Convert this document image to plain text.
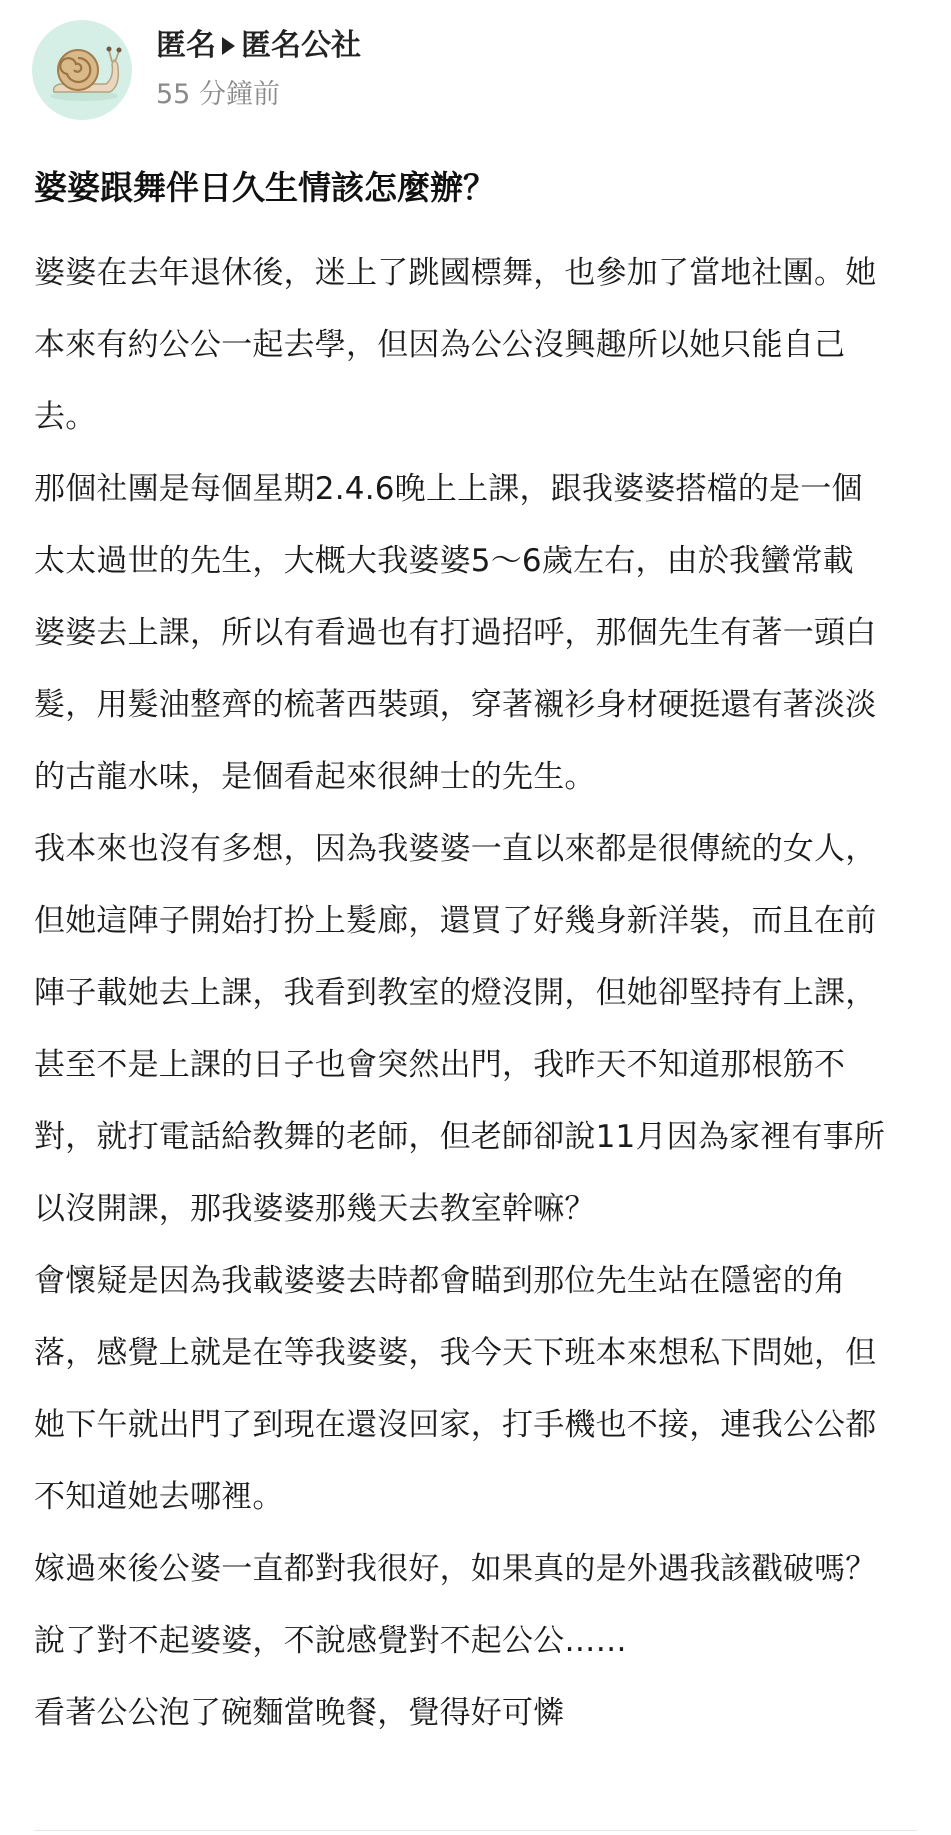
匿名 匿名公社
55 分鐘前
婆婆跟舞伴日久生情該怎麼辦？

婆婆在去年退休後，迷上了跳國標舞，也參加了當地社團。她
本來有約公公一起去學，但因為公公沒興趣所以她只能自己
去。

那個社團是每個星期2.4.6晚上上課，跟我婆婆搭檔的是一個
太太過世的先生，大概大我婆婆5～6歲左右，由於我蠻常載
婆婆去上課，所以有看過也有打過招呼，那個先生有著一頭白
髮，用髮油整齊的梳著西裝頭，穿著襯衫身材硬挺還有著淡淡
的古龍水味，是個看起來很紳士的先生。

我本來也沒有多想，因為我婆婆一直以來都是很傳統的女人，
但她這陣子開始打扮上髮廊，還買了好幾身新洋裝，而且在前
陣子載她去上課，我看到教室的燈沒開，但她卻堅持有上課，
甚至不是上課的日子也會突然出門，我昨天不知道那根筋不
對，就打電話給教舞的老師，但老師卻說11月因為家裡有事所
以沒開課，那我婆婆那幾天去教室幹嘛？

會懷疑是因為我載婆婆去時都會瞄到那位先生站在隱密的角
落，感覺上就是在等我婆婆，我今天下班本來想私下問她，但
她下午就出門了到現在還沒回家，打手機也不接，連我公公都
不知道她去哪裡。

嫁過來後公婆一直都對我很好，如果真的是外遇我該戳破嗎？

說了對不起婆婆，不說感覺對不起公公……

看著公公泡了碗麵當晚餐，覺得好可憐
